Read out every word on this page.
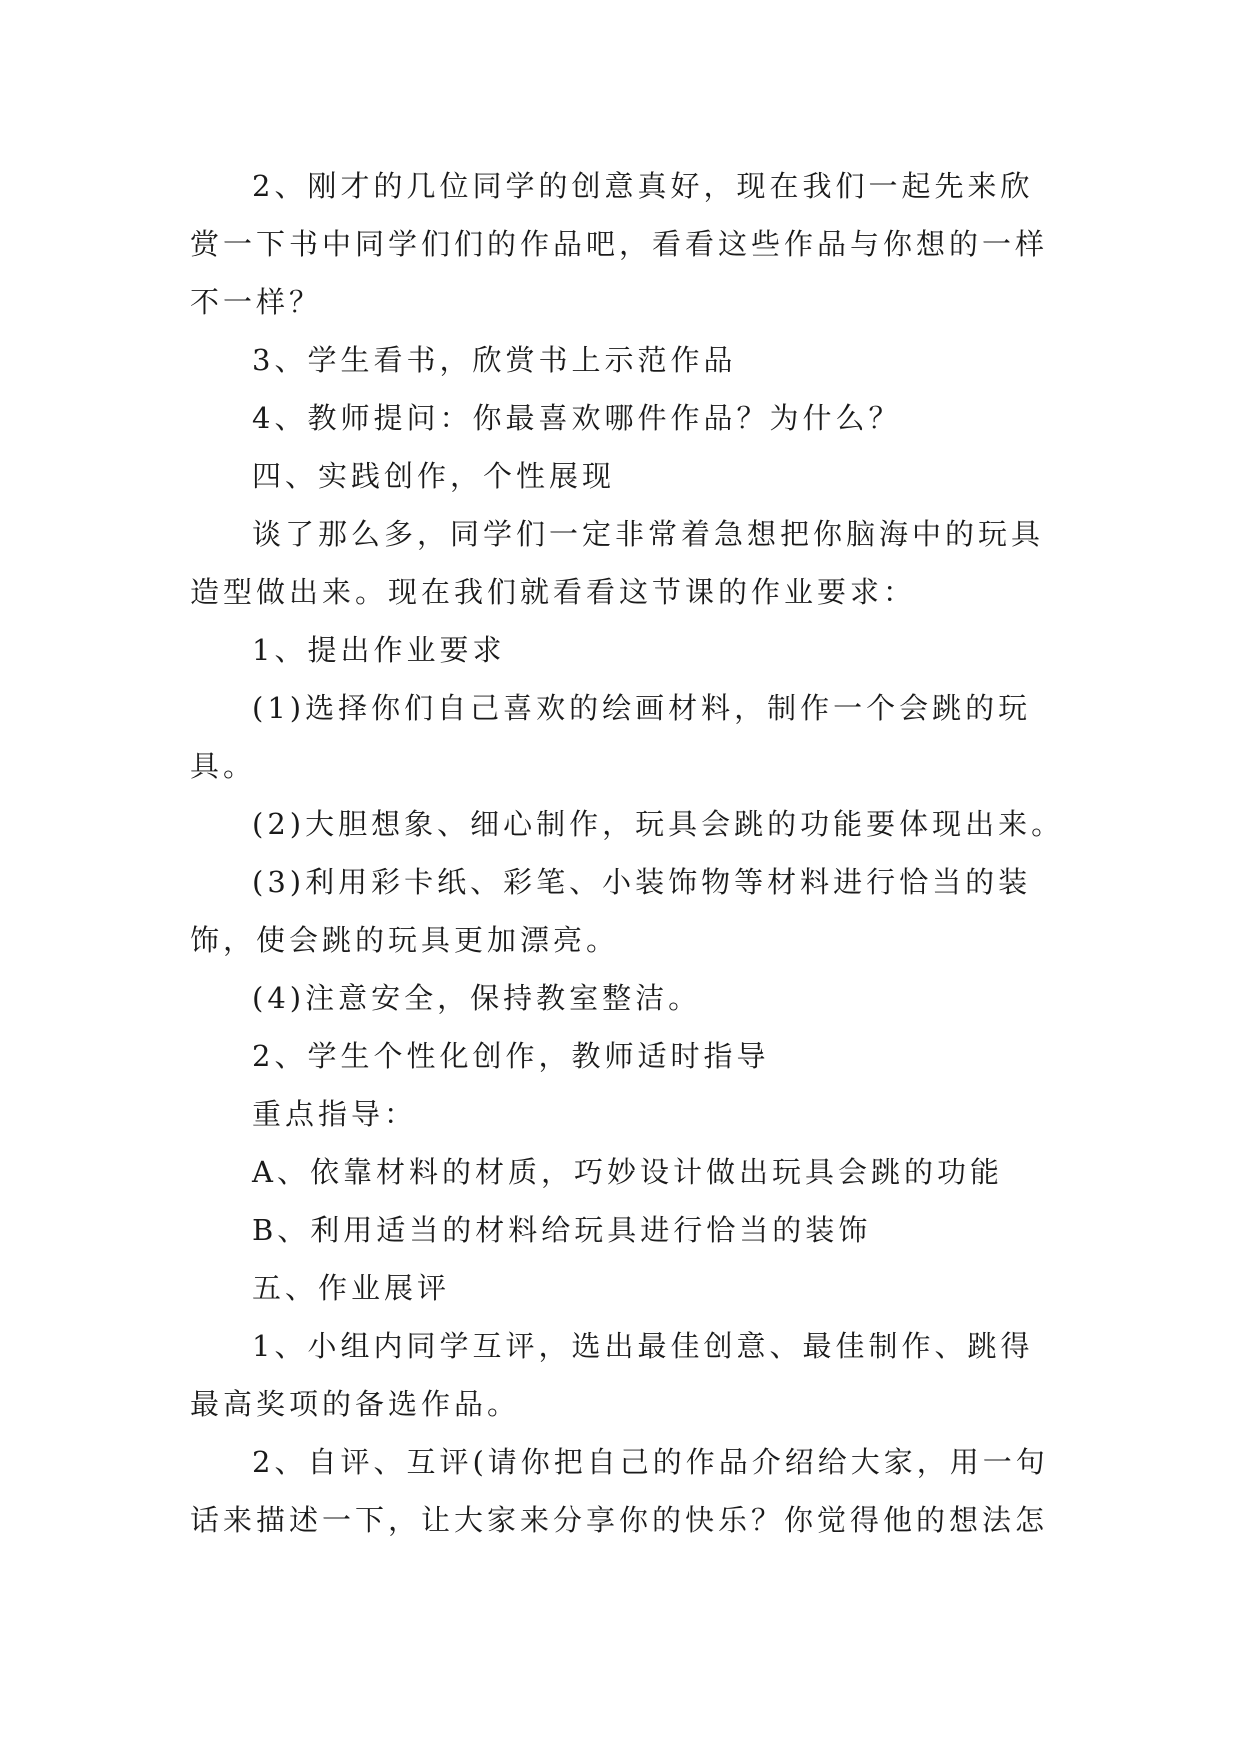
2、刚才的几位同学的创意真好，现在我们一起先来欣
赏一下书中同学们们的作品吧，看看这些作品与你想的一样
不一样？
3、学生看书，欣赏书上示范作品
4、教师提问：你最喜欢哪件作品？为什么？
四、实践创作，个性展现
谈了那么多，同学们一定非常着急想把你脑海中的玩具
造型做出来。现在我们就看看这节课的作业要求：
1、提出作业要求
(1)选择你们自己喜欢的绘画材料，制作一个会跳的玩
具。
(2)大胆想象、细心制作，玩具会跳的功能要体现出来。
(3)利用彩卡纸、彩笔、小装饰物等材料进行恰当的装
饰，使会跳的玩具更加漂亮。
(4)注意安全，保持教室整洁。
2、学生个性化创作，教师适时指导
重点指导：
A、依靠材料的材质，巧妙设计做出玩具会跳的功能
B、利用适当的材料给玩具进行恰当的装饰
五、作业展评
1、小组内同学互评，选出最佳创意、最佳制作、跳得
最高奖项的备选作品。
2、自评、互评(请你把自己的作品介绍给大家，用一句
话来描述一下，让大家来分享你的快乐？你觉得他的想法怎
